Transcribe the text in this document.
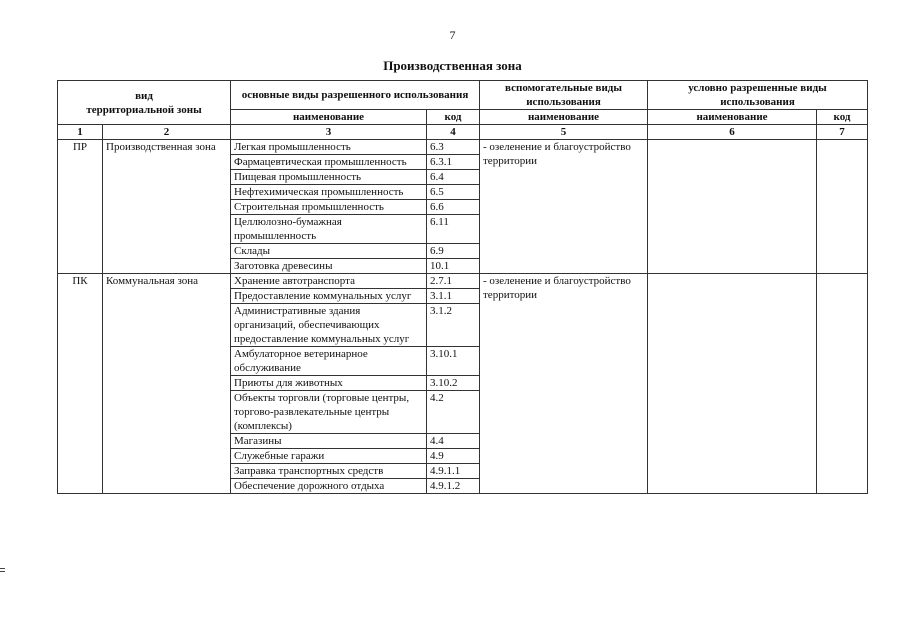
7
Производственная зона
вид
территориальной зоны		основные виды разрешенного использования		вспомогательные виды использования	условно разрешенные виды использования	
		наименование	код	наименование	наименование	код
1	2	3	4	5	6	7
ПР	Производственная зона	Легкая промышленность	6.3	- озеленение и благоустройство территории		
		Фармацевтическая промышленность	6.3.1			
		Пищевая промышленность	6.4			
		Нефтехимическая промышленность	6.5			
		Строительная промышленность	6.6			
		Целлюлозно-бумажная промышленность	6.11			
		Склады	6.9			
		Заготовка древесины	10.1			
ПК	Коммунальная зона	Хранение автотранспорта	2.7.1	- озеленение и благоустройство территории		
		Предоставление коммунальных услуг	3.1.1			
		Административные здания организаций, обеспечивающих предоставление коммунальных услуг	3.1.2			
		Амбулаторное ветеринарное обслуживание	3.10.1			
		Приюты для животных	3.10.2			
		Объекты торговли (торговые центры, торгово-развлекательные центры (комплексы)	4.2			
		Магазины	4.4			
		Служебные гаражи	4.9			
		Заправка транспортных средств	4.9.1.1			
		Обеспечение дорожного отдыха	4.9.1.2			
